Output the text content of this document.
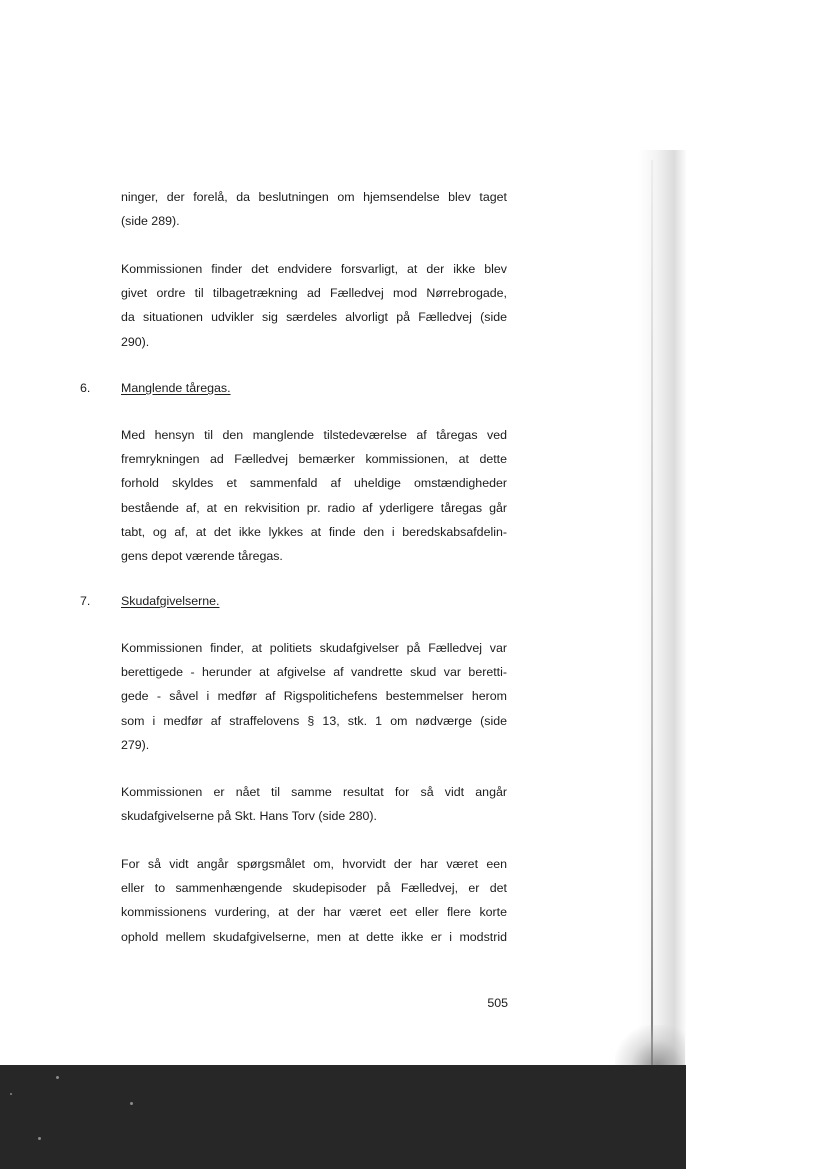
ninger, der forelå, da beslutningen om hjemsendelse blev taget
(side 289).
Kommissionen finder det endvidere forsvarligt, at der ikke blev
givet ordre til tilbagetrækning ad Fælledvej mod Nørrebrogade,
da situationen udvikler sig særdeles alvorligt på Fælledvej (side
290).
6. Manglende tåregas.
Med hensyn til den manglende tilstedeværelse af tåregas ved
fremrykningen ad Fælledvej bemærker kommissionen, at dette
forhold skyldes et sammenfald af uheldige omstændigheder
bestående af, at en rekvisition pr. radio af yderligere tåregas går
tabt, og af, at det ikke lykkes at finde den i beredskabsafdelin-
gens depot værende tåregas.
7. Skudafgivelserne.
Kommissionen finder, at politiets skudafgivelser på Fælledvej var
berettigede - herunder at afgivelse af vandrette skud var beretti-
gede - såvel i medfør af Rigspolitichefens bestemmelser herom
som i medfør af straffelovens § 13, stk. 1 om nødværge (side
279).
Kommissionen er nået til samme resultat for så vidt angår
skudafgivelserne på Skt. Hans Torv (side 280).
For så vidt angår spørgsmålet om, hvorvidt der har været een
eller to sammenhængende skudepisoder på Fælledvej, er det
kommissionens vurdering, at der har været eet eller flere korte
ophold mellem skudafgivelserne, men at dette ikke er i modstrid
505
